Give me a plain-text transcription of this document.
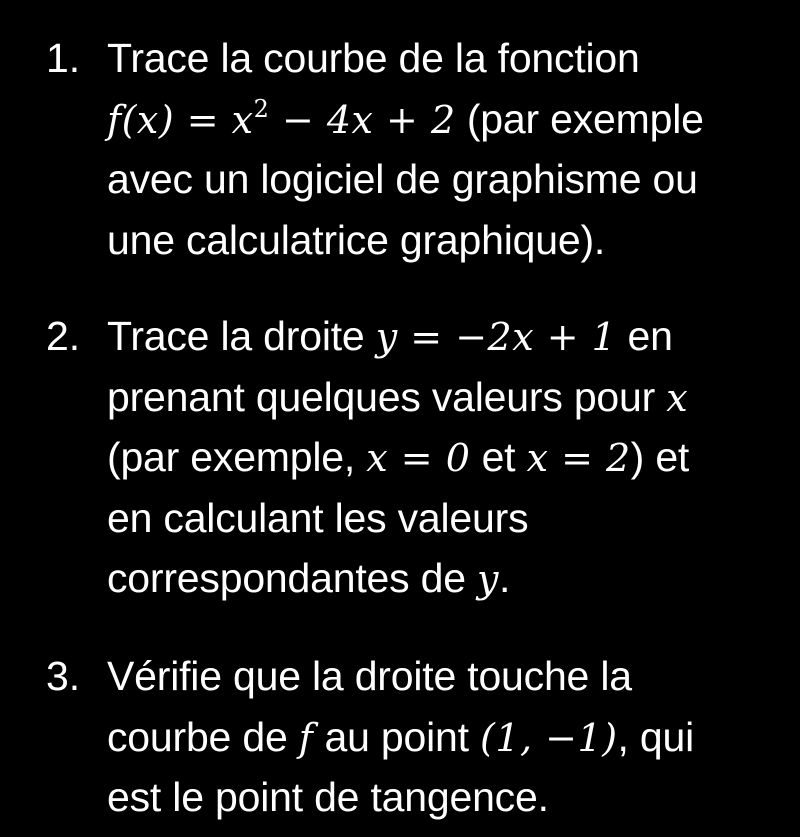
1. Trace la courbe de la fonction
$f(x) = x^2 - 4x + 2$ (par exemple
avec un logiciel de graphisme ou
une calculatrice graphique).
2. Trace la droite y = −2x + 1 en
prenant quelques valeurs pour x
(par exemple, x = 0 et x = 2) et
en calculant les valeurs
correspondantes de y.
3. Vérifie que la droite touche la
courbe de f au point (1, −1), qui
est le point de tangence.
